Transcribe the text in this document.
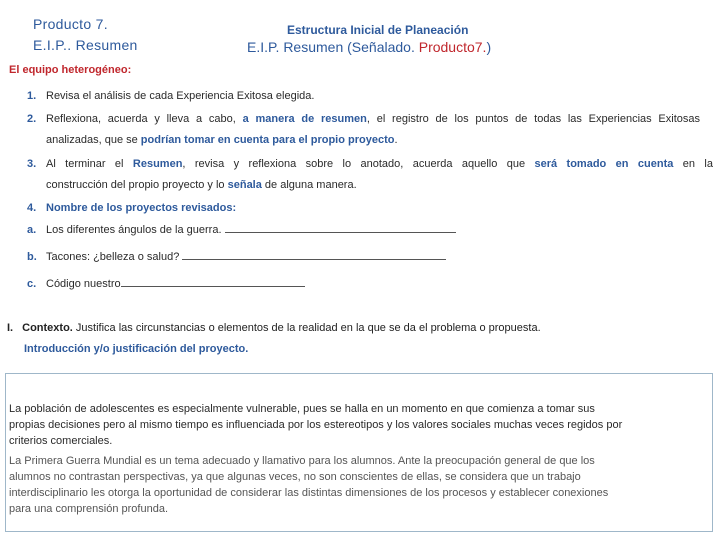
Producto 7.
E.I.P.. Resumen
Estructura Inicial de Planeación
E.I.P. Resumen (Señalado. Producto7.)
El equipo heterogéneo:
1. Revisa el análisis de cada Experiencia Exitosa elegida.
2. Reflexiona, acuerda y lleva a cabo, a manera de resumen, el registro de los puntos de todas las Experiencias Exitosas
analizadas, que se podrían tomar en cuenta para el propio proyecto.
3. Al terminar el Resumen, revisa y reflexiona sobre lo anotado, acuerda aquello que será tomado en cuenta en la
construcción del propio proyecto y lo señala de alguna manera.
4. Nombre de los proyectos revisados:
a. Los diferentes ángulos de la guerra.
b. Tacones: ¿belleza o salud?
c. Código nuestro
I. Contexto. Justifica las circunstancias o elementos de la realidad en la que se da el problema o propuesta.
Introducción y/o justificación del proyecto.

La población de adolescentes es especialmente vulnerable, pues se halla en un momento en que comienza a tomar sus

propias decisiones pero al mismo tiempo es influenciada por los estereotipos y los valores sociales muchas veces regidos por

criterios comerciales.

La Primera Guerra Mundial es un tema adecuado y llamativo para los alumnos. Ante la preocupación general de que los

alumnos no contrastan perspectivas, ya que algunas veces, no son conscientes de ellas, se considera que un trabajo

interdisciplinario les otorga la oportunidad de considerar las distintas dimensiones de los procesos y establecer conexiones

para una comprensión profunda.
